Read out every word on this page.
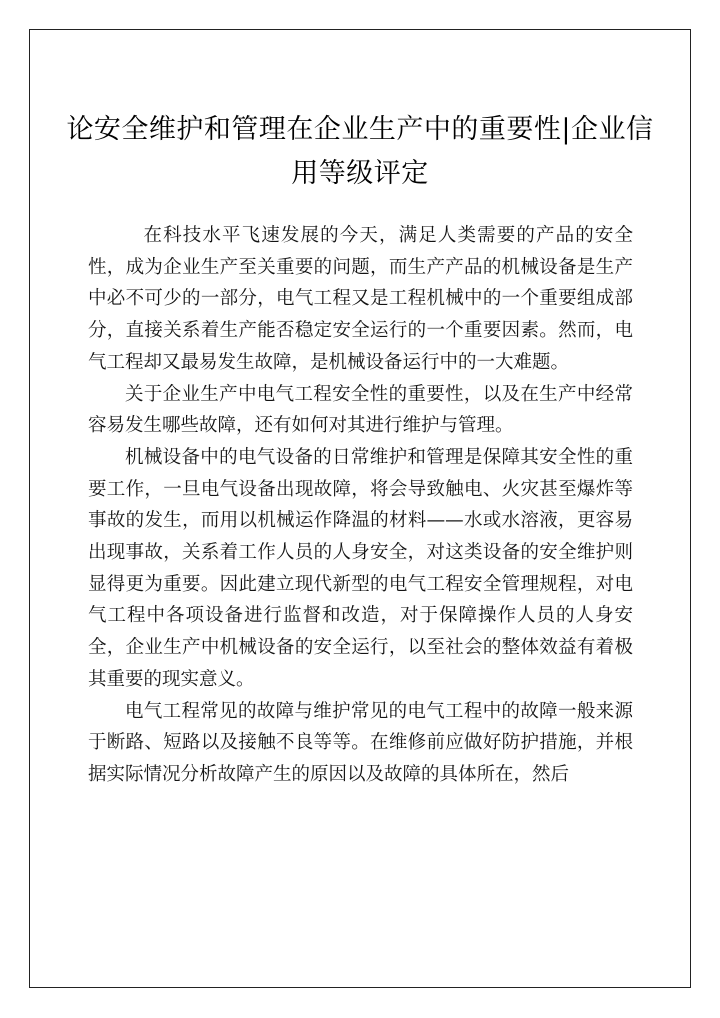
论安全维护和管理在企业生产中的重要性|企业信用等级评定

在科技水平飞速发展的今天，满足人类需要的产品的安全性，成为企业生产至关重要的问题，而生产产品的机械设备是生产中必不可少的一部分，电气工程又是工程机械中的一个重要组成部分，直接关系着生产能否稳定安全运行的一个重要因素。然而，电气工程却又最易发生故障，是机械设备运行中的一大难题。

关于企业生产中电气工程安全性的重要性，以及在生产中经常容易发生哪些故障，还有如何对其进行维护与管理。

机械设备中的电气设备的日常维护和管理是保障其安全性的重要工作，一旦电气设备出现故障，将会导致触电、火灾甚至爆炸等事故的发生，而用以机械运作降温的材料——水或水溶液，更容易出现事故，关系着工作人员的人身安全，对这类设备的安全维护则显得更为重要。因此建立现代新型的电气工程安全管理规程，对电气工程中各项设备进行监督和改造，对于保障操作人员的人身安全，企业生产中机械设备的安全运行，以至社会的整体效益有着极其重要的现实意义。

电气工程常见的故障与维护常见的电气工程中的故障一般来源于断路、短路以及接触不良等等。在维修前应做好防护措施，并根据实际情况分析故障产生的原因以及故障的具体所在，然后
